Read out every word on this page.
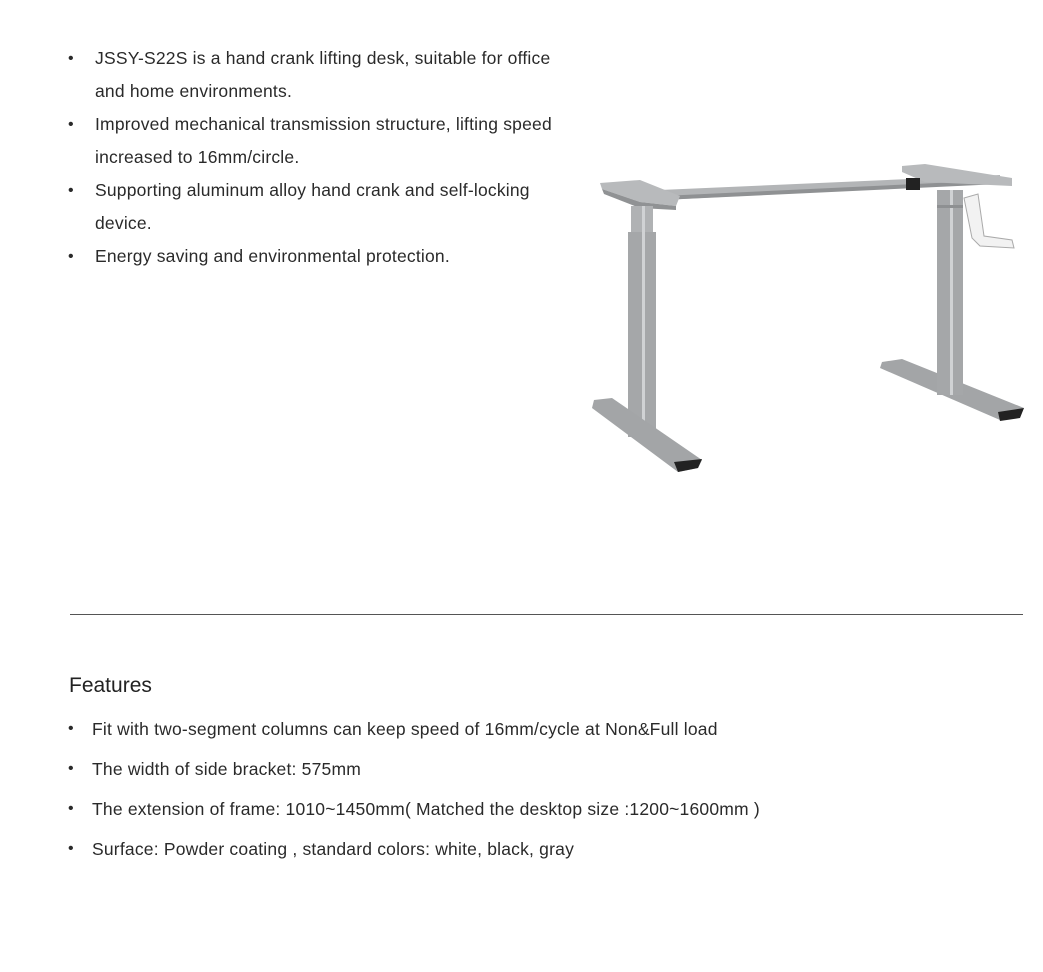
• JSSY-S22S is a hand crank lifting desk, suitable for office and home environments.
• Improved mechanical transmission structure, lifting speed increased to 16mm/circle.
• Supporting aluminum alloy hand crank and self-locking device.
• Energy saving and environmental protection.
Features
• Fit with two-segment columns can keep speed of 16mm/cycle at Non&Full load
• The width of side bracket: 575mm
• The extension of frame: 1010~1450mm( Matched the desktop size :1200~1600mm )
• Surface: Powder coating , standard colors: white, black, gray
